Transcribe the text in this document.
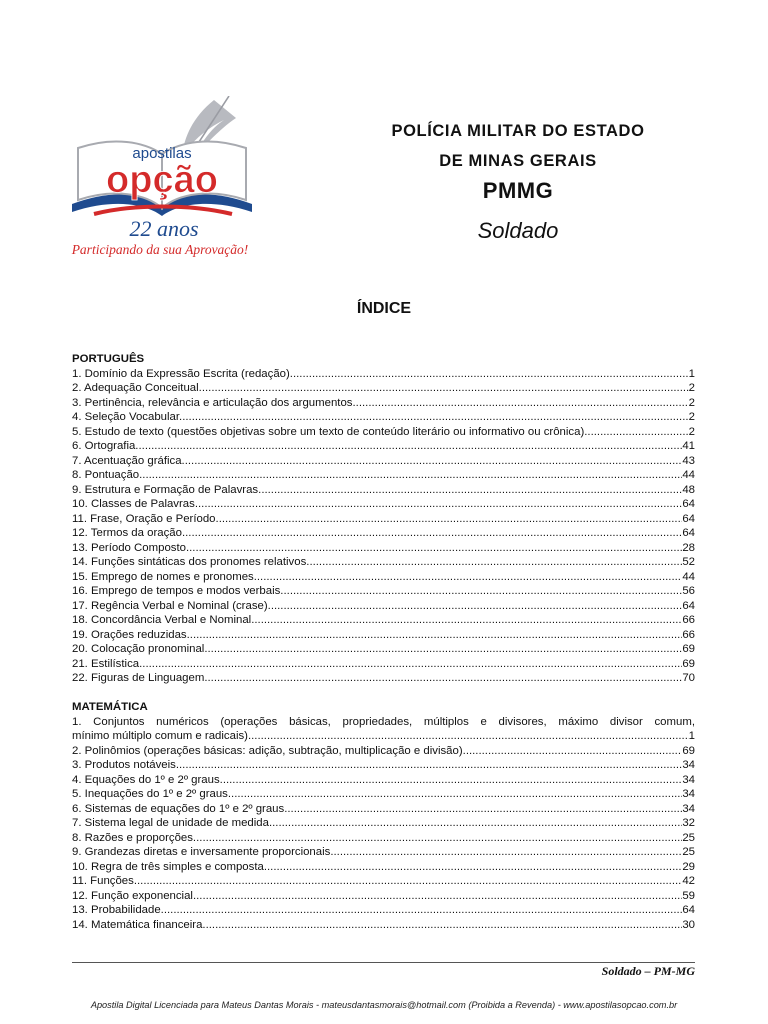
apostilas
opção
22 anos
Participando da sua Aprovação!
POLÍCIA MILITAR DO ESTADO
DE MINAS GERAIS
PMMG
Soldado
ÍNDICE
PORTUGUÊS
1. Domínio da Expressão Escrita (redação). .....	1
2. Adequação Conceitual. .....	2
3. Pertinência, relevância e articulação dos argumentos. .....	2
4. Seleção Vocabular. .....	2
5. Estudo de texto (questões objetivas sobre um texto de conteúdo literário ou informativo ou crônica). .....	2
6. Ortografia. .....	41
7. Acentuação gráfica. .....	43
8. Pontuação. .....	44
9. Estrutura e Formação de Palavras. .....	48
10. Classes de Palavras. .....	64
11. Frase, Oração e Período. .....	64
12. Termos da oração. .....	64
13. Período Composto. .....	28
14. Funções sintáticas dos pronomes relativos. .....	52
15. Emprego de nomes e pronomes. .....	44
16. Emprego de tempos e modos verbais. .....	56
17. Regência Verbal e Nominal (crase). .....	64
18. Concordância Verbal e Nominal. .....	66
19. Orações reduzidas. .....	66
20. Colocação pronominal. .....	69
21. Estilística. .....	69
22. Figuras de Linguagem. .....	70
MATEMÁTICA
1. Conjuntos numéricos (operações básicas, propriedades, múltiplos e divisores, máximo divisor comum,
mínimo múltiplo comum e radicais). .....	1
2. Polinômios (operações básicas: adição, subtração, multiplicação e divisão). .....	69
3. Produtos notáveis. .....	34
4. Equações do 1º e 2º graus. .....	34
5. Inequações do 1º e 2º graus. .....	34
6. Sistemas de equações do 1º e 2º graus. .....	34
7. Sistema legal de unidade de medida. .....	32
8. Razões e proporções. .....	25
9. Grandezas diretas e inversamente proporcionais. .....	25
10. Regra de três simples e composta. .....	29
11. Funções. .....	42
12. Função exponencial. .....	59
13. Probabilidade. .....	64
14. Matemática financeira. .....	30
Soldado – PM-MG
Apostila Digital Licenciada para Mateus Dantas Morais - mateusdantasmorais@hotmail.com (Proibida a Revenda) - www.apostilasopcao.com.br
